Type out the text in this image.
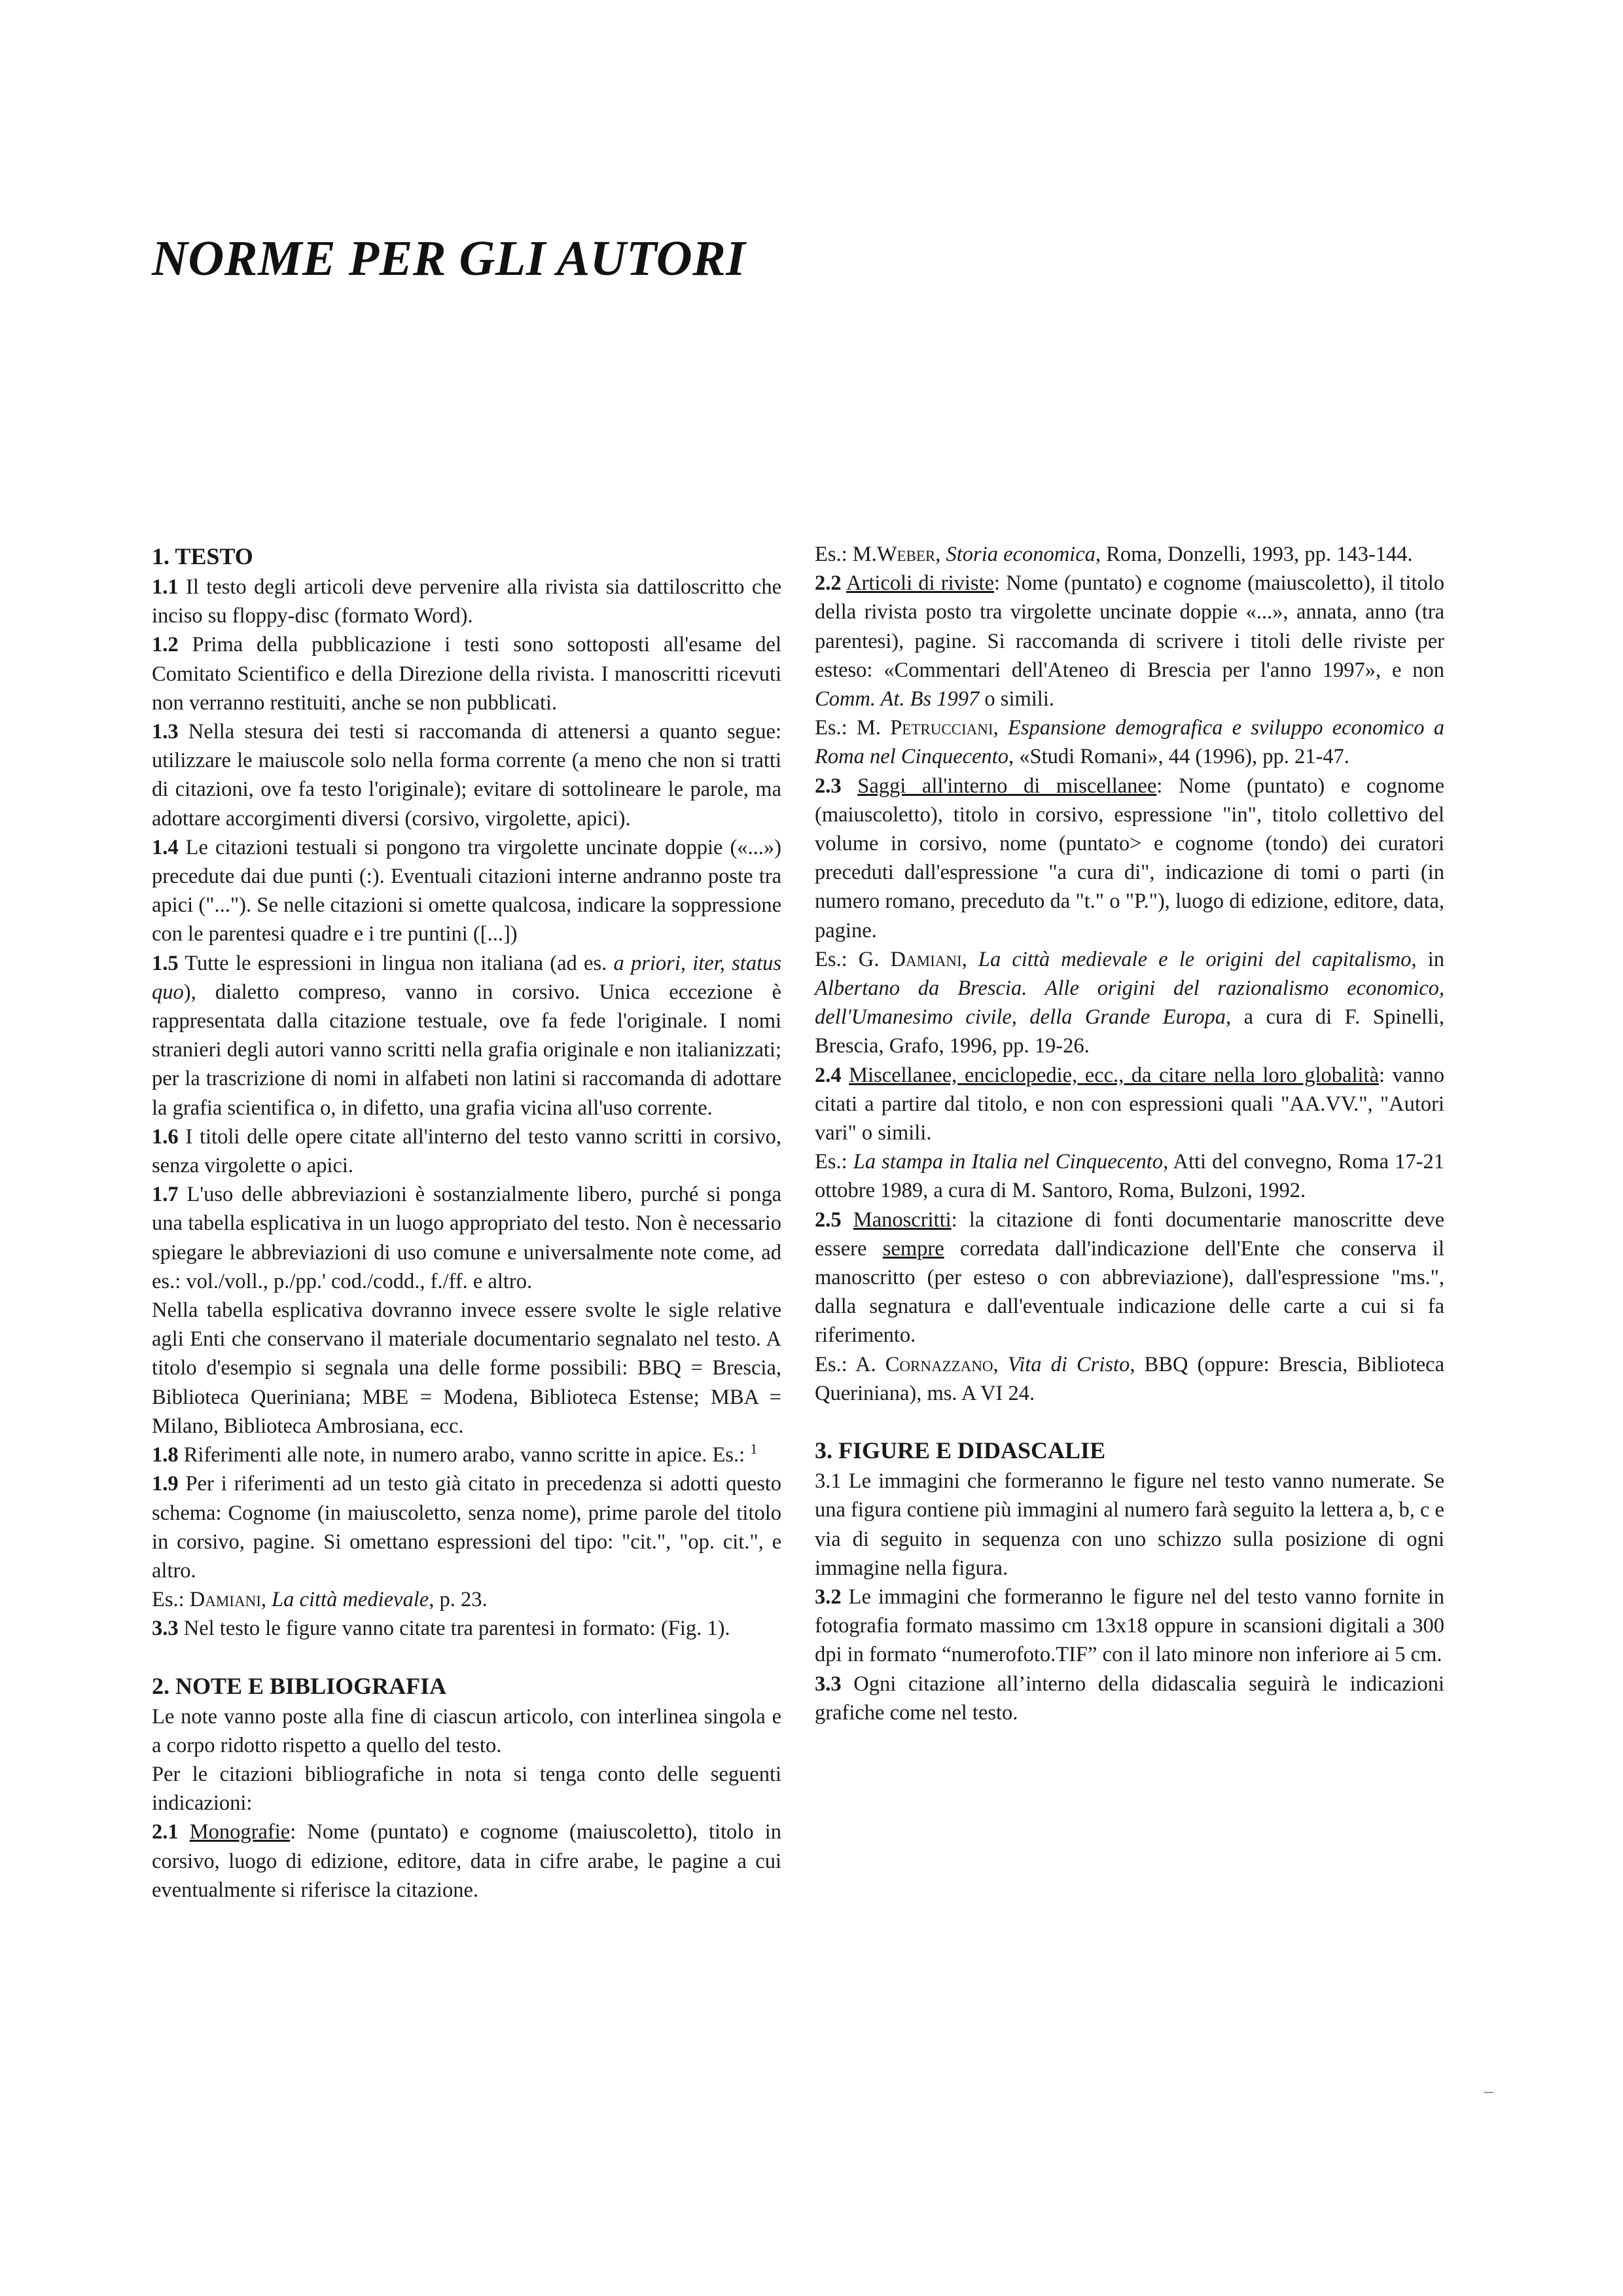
NORME PER GLI AUTORI
1. TESTO

1.1 Il testo degli articoli deve pervenire alla rivista sia dattiloscritto che inciso su floppy-disc (formato Word).

1.2 Prima della pubblicazione i testi sono sottoposti all'esame del Comitato Scientifico e della Direzione della rivista. I manoscritti ricevuti non verranno restituiti, anche se non pubblicati.

1.3 Nella stesura dei testi si raccomanda di attenersi a quanto segue: utilizzare le maiuscole solo nella forma corrente (a meno che non si tratti di citazioni, ove fa testo l'originale); evitare di sottolineare le parole, ma adottare accorgimenti diversi (corsivo, virgolette, apici).

1.4 Le citazioni testuali si pongono tra virgolette uncinate doppie («...») precedute dai due punti (:). Eventuali citazioni interne andranno poste tra apici ("..."). Se nelle citazioni si omette qualcosa, indicare la soppressione con le parentesi quadre e i tre puntini ([...])

1.5 Tutte le espressioni in lingua non italiana (ad es. a priori, iter, status quo), dialetto compreso, vanno in corsivo. Unica eccezione è rappresentata dalla citazione testuale, ove fa fede l'originale. I nomi stranieri degli autori vanno scritti nella grafia originale e non italianizzati; per la trascrizione di nomi in alfabeti non latini si raccomanda di adottare la grafia scientifica o, in difetto, una grafia vicina all'uso corrente.

1.6 I titoli delle opere citate all'interno del testo vanno scritti in corsivo, senza virgolette o apici.

1.7 L'uso delle abbreviazioni è sostanzialmente libero, purché si ponga una tabella esplicativa in un luogo appropriato del testo. Non è necessario spiegare le abbreviazioni di uso comune e universalmente note come, ad es.: vol./voll., p./pp.' cod./codd., f./ff. e altro.

Nella tabella esplicativa dovranno invece essere svolte le sigle relative agli Enti che conservano il materiale documentario segnalato nel testo. A titolo d'esempio si segnala una delle forme possibili: BBQ = Brescia, Biblioteca Queriniana; MBE = Modena, Biblioteca Estense; MBA = Milano, Biblioteca Ambrosiana, ecc.

1.8 Riferimenti alle note, in numero arabo, vanno scritte in apice. Es.: $^1$

1.9 Per i riferimenti ad un testo già citato in precedenza si adotti questo schema: Cognome (in maiuscoletto, senza nome), prime parole del titolo in corsivo, pagine. Si omettano espressioni del tipo: "cit.", "op. cit.", e altro.

Es.: Damiani, La città medievale, p. 23.

3.3 Nel testo le figure vanno citate tra parentesi in formato: (Fig. 1).

2. NOTE E BIBLIOGRAFIA

Le note vanno poste alla fine di ciascun articolo, con interlinea singola e a corpo ridotto rispetto a quello del testo.

Per le citazioni bibliografiche in nota si tenga conto delle seguenti indicazioni:

2.1 Monografie: Nome (puntato) e cognome (maiuscoletto), titolo in corsivo, luogo di edizione, editore, data in cifre arabe, le pagine a cui eventualmente si riferisce la citazione.

Es.: M.Weber, Storia economica, Roma, Donzelli, 1993, pp. 143-144.

2.2 Articoli di riviste: Nome (puntato) e cognome (maiuscoletto), il titolo della rivista posto tra virgolette uncinate doppie «...», annata, anno (tra parentesi), pagine. Si raccomanda di scrivere i titoli delle riviste per esteso: «Commentari dell'Ateneo di Brescia per l'anno 1997», e non Comm. At. Bs 1997 o simili.

Es.: M. Petrucciani, Espansione demografica e sviluppo economico a Roma nel Cinquecento, «Studi Romani», 44 (1996), pp. 21-47.

2.3 Saggi all'interno di miscellanee: Nome (puntato) e cognome (maiuscoletto), titolo in corsivo, espressione "in", titolo collettivo del volume in corsivo, nome (puntato> e cognome (tondo) dei curatori preceduti dall'espressione "a cura di", indicazione di tomi o parti (in numero romano, preceduto da "t." o "P."), luogo di edizione, editore, data, pagine.

Es.: G. Damiani, La città medievale e le origini del capitalismo, in Albertano da Brescia. Alle origini del razionalismo economico, dell'Umanesimo civile, della Grande Europa, a cura di F. Spinelli, Brescia, Grafo, 1996, pp. 19-26.

2.4 Miscellanee, enciclopedie, ecc., da citare nella loro globalità: vanno citati a partire dal titolo, e non con espressioni quali "AA.VV.", "Autori vari" o simili.

Es.: La stampa in Italia nel Cinquecento, Atti del convegno, Roma 17-21 ottobre 1989, a cura di M. Santoro, Roma, Bulzoni, 1992.

2.5 Manoscritti: la citazione di fonti documentarie manoscritte deve essere sempre corredata dall'indicazione dell'Ente che conserva il manoscritto (per esteso o con abbreviazione), dall'espressione "ms.", dalla segnatura e dall'eventuale indicazione delle carte a cui si fa riferimento.

Es.: A. Cornazzano, Vita di Cristo, BBQ (oppure: Brescia, Biblioteca Queriniana), ms. A VI 24.

3. FIGURE E DIDASCALIE

3.1 Le immagini che formeranno le figure nel testo vanno numerate. Se una figura contiene più immagini al numero farà seguito la lettera a, b, c e via di seguito in sequenza con uno schizzo sulla posizione di ogni immagine nella figura.

3.2 Le immagini che formeranno le figure nel del testo vanno fornite in fotografia formato massimo cm 13x18 oppure in scansioni digitali a 300 dpi in formato “numerofoto.TIF” con il lato minore non inferiore ai 5 cm.

3.3 Ogni citazione all’interno della didascalia seguirà le indicazioni grafiche come nel testo.
